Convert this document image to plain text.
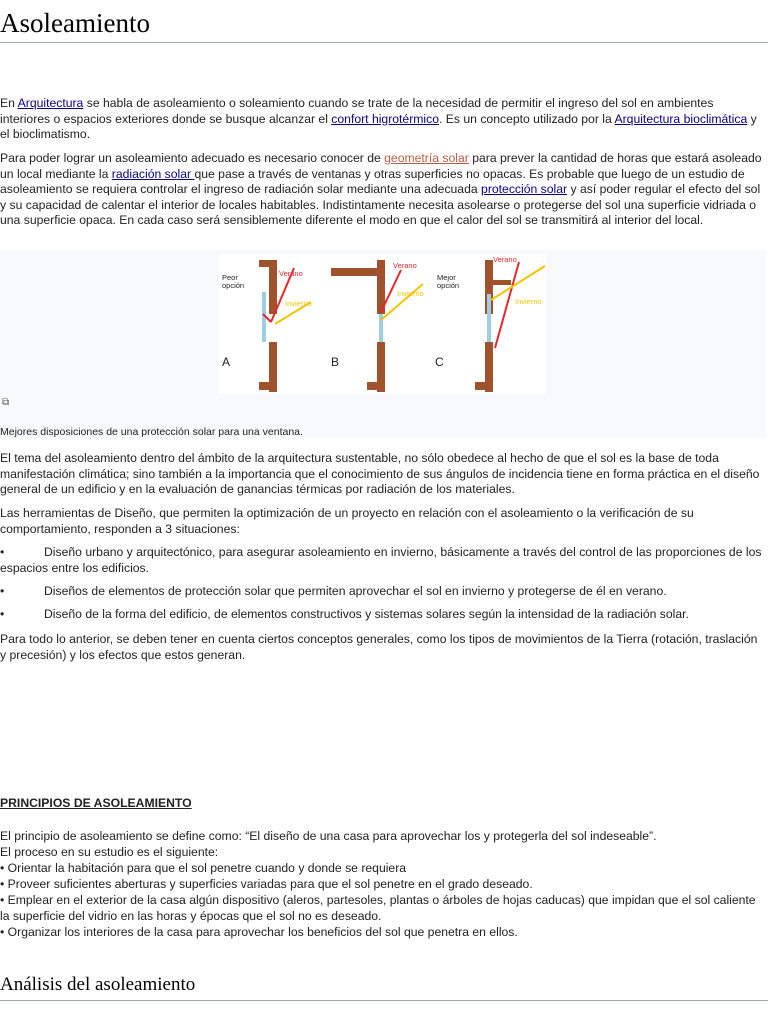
Asoleamiento

En Arquitectura se habla de asoleamiento o soleamiento cuando se trate de la necesidad de permitir el ingreso del sol en ambientes interiores o espacios exteriores donde se busque alcanzar el confort higrotérmico. Es un concepto utilizado por la Arquitectura bioclimática y el bioclimatismo.

Para poder lograr un asoleamiento adecuado es necesario conocer de geometría solar para prever la cantidad de horas que estará asoleado un local mediante la radiación solar que pase a través de ventanas y otras superficies no opacas. Es probable que luego de un estudio de asoleamiento se requiera controlar el ingreso de radiación solar mediante una adecuada protección solar y así poder regular el efecto del sol y su capacidad de calentar el interior de locales habitables. Indistintamente necesita asolearse o protegerse del sol una superficie vidriada o una superficie opaca. En cada caso será sensiblemente diferente el modo en que el calor del sol se transmitirá al interior del local.

Peor
opción
Verano
Invierno
A
Verano
Invierno
B
Verano
Invierno
Mejor
opción
C
⧉
Mejores disposiciones de una protección solar para una ventana.

El tema del asoleamiento dentro del ámbito de la arquitectura sustentable, no sólo obedece al hecho de que el sol es la base de toda manifestación climática; sino también a la importancia que el conocimiento de sus ángulos de incidencia tiene en forma práctica en el diseño general de un edificio y en la evaluación de ganancias térmicas por radiación de los materiales.

Las herramientas de Diseño, que permiten la optimización de un proyecto en relación con el asoleamiento o la verificación de su comportamiento, responden a 3 situaciones:

•	Diseño urbano y arquitectónico, para asegurar asoleamiento en invierno, básicamente a través del control de las proporciones de los espacios entre los edificios.
•	Diseños de elementos de protección solar que permiten aprovechar el sol en invierno y protegerse de él en verano.
•	Diseño de la forma del edificio, de elementos constructivos y sistemas solares según la intensidad de la radiación solar.

Para todo lo anterior, se deben tener en cuenta ciertos conceptos generales, como los tipos de movimientos de la Tierra (rotación, traslación y precesión) y los efectos que estos generan.

PRINCIPIOS DE ASOLEAMIENTO
El principio de asoleamiento se define como: “El diseño de una casa para aprovechar los y protegerla del sol indeseable”.
El proceso en su estudio es el siguiente:
• Orientar la habitación para que el sol penetre cuando y donde se requiera
• Proveer suficientes aberturas y superficies variadas para que el sol penetre en el grado deseado.
• Emplear en el exterior de la casa algún dispositivo (aleros, partesoles, plantas o árboles de hojas caducas) que impidan que el sol caliente la superficie del vidrio en las horas y épocas que el sol no es deseado.
• Organizar los interiores de la casa para aprovechar los beneficios del sol que penetra en ellos.
Análisis del asoleamiento
